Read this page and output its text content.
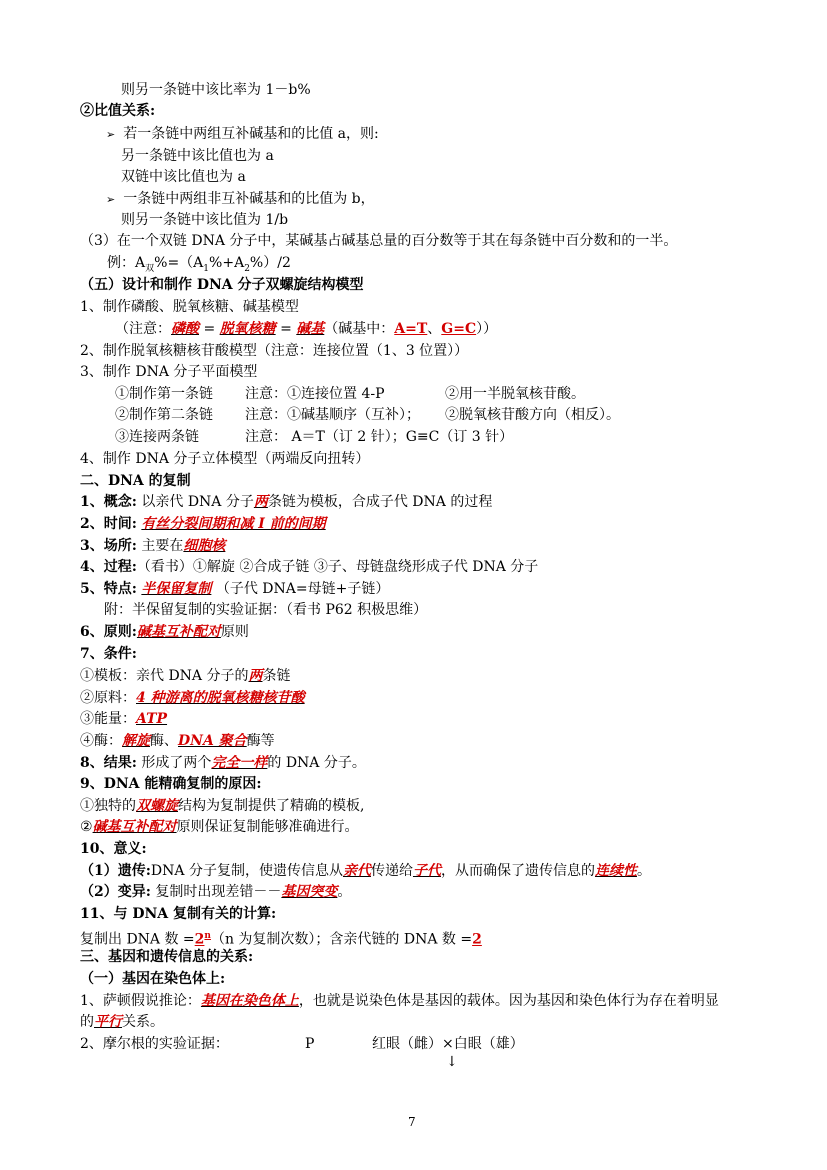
则另一条链中该比率为 1－b%
②比值关系:
➢ 若一条链中两组互补碱基和的比值 a，则:
另一条链中该比值也为 a
双链中该比值也为 a
➢ 一条链中两组非互补碱基和的比值为 b，
则另一条链中该比值为 1/b
（3）在一个双链 DNA 分子中，某碱基占碱基总量的百分数等于其在每条链中百分数和的一半。
例：$A_双\%=(A_1\%+A_2\%)/2$
（五）设计和制作 DNA 分子双螺旋结构模型
1、制作磷酸、脱氧核糖、碱基模型
（注意：磷酸 = 脱氧核糖 = 碱基（碱基中：A=T、G=C））
2、制作脱氧核糖核苷酸模型（注意：连接位置（1、3 位置））
3、制作 DNA 分子平面模型
①制作第一条链 注意：①连接位置 4-P	②用一半脱氧核苷酸。
②制作第二条链 注意：①碱基顺序（互补）； ②脱氧核苷酸方向（相反）。
③连接两条链	注意： A＝T（订 2 针）；G≡C（订 3 针）
4、制作 DNA 分子立体模型（两端反向扭转）
二、DNA 的复制
1、概念: 以亲代 DNA 分子两条链为模板，合成子代 DNA 的过程
2、时间: 有丝分裂间期和减 I 前的间期
3、场所: 主要在细胞核
4、过程:（看书）①解旋 ②合成子链 ③子、母链盘绕形成子代 DNA 分子
5、特点: 半保留复制 （子代 DNA=母链+子链）
附：半保留复制的实验证据：（看书 P62 积极思维）
6、原则:碱基互补配对原则
7、条件:
①模板：亲代 DNA 分子的两条链
②原料：4 种游离的脱氧核糖核苷酸
③能量：ATP
④酶：解旋酶、DNA 聚合酶等
8、结果: 形成了两个完全一样的 DNA 分子。
9、DNA 能精确复制的原因:
①独特的双螺旋结构为复制提供了精确的模板,
②碱基互补配对原则保证复制能够准确进行。
10、意义:
（1）遗传:DNA 分子复制，使遗传信息从亲代传递给子代，从而确保了遗传信息的连续性。
（2）变异: 复制时出现差错－－基因突变。
11、与 DNA 复制有关的计算:
复制出 DNA 数 $=2^n(n$ 为复制次数）；含亲代链的 DNA 数 =2
三、基因和遗传信息的关系:
（一）基因在染色体上:
1、萨顿假说推论：基因在染色体上，也就是说染色体是基因的载体。因为基因和染色体行为存在着明显
的平行关系。
2、摩尔根的实验证据：	P	红眼（雌）×白眼（雄）
↓
7
